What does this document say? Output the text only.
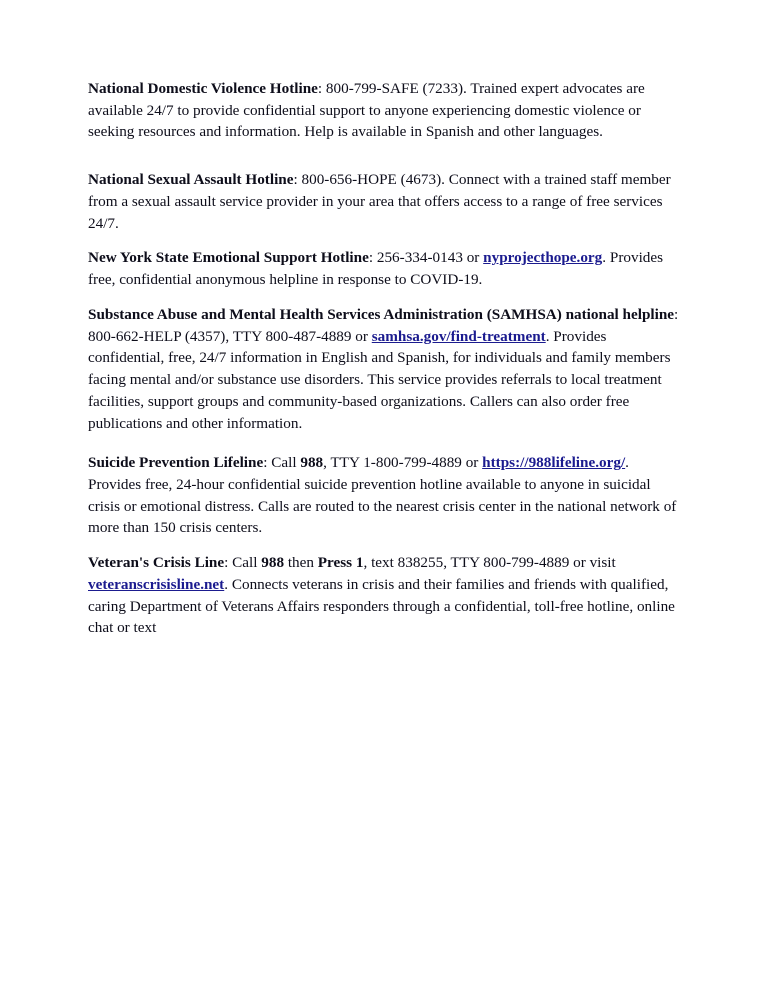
National Domestic Violence Hotline: 800-799-SAFE (7233). Trained expert advocates are available 24/7 to provide confidential support to anyone experiencing domestic violence or seeking resources and information. Help is available in Spanish and other languages.

National Sexual Assault Hotline: 800-656-HOPE (4673). Connect with a trained staff member from a sexual assault service provider in your area that offers access to a range of free services 24/7.

New York State Emotional Support Hotline: 256-334-0143 or nyprojecthope.org. Provides free, confidential anonymous helpline in response to COVID-19.

Substance Abuse and Mental Health Services Administration (SAMHSA) national helpline: 800-662-HELP (4357), TTY 800-487-4889 or samhsa.gov/find-treatment. Provides confidential, free, 24/7 information in English and Spanish, for individuals and family members facing mental and/or substance use disorders. This service provides referrals to local treatment facilities, support groups and community-based organizations. Callers can also order free publications and other information.

Suicide Prevention Lifeline: Call 988, TTY 1-800-799-4889 or https://988lifeline.org/. Provides free, 24-hour confidential suicide prevention hotline available to anyone in suicidal crisis or emotional distress. Calls are routed to the nearest crisis center in the national network of more than 150 crisis centers.

Veteran's Crisis Line: Call 988 then Press 1, text 838255, TTY 800-799-4889 or visit veteranscrisisline.net. Connects veterans in crisis and their families and friends with qualified, caring Department of Veterans Affairs responders through a confidential, toll-free hotline, online chat or text
